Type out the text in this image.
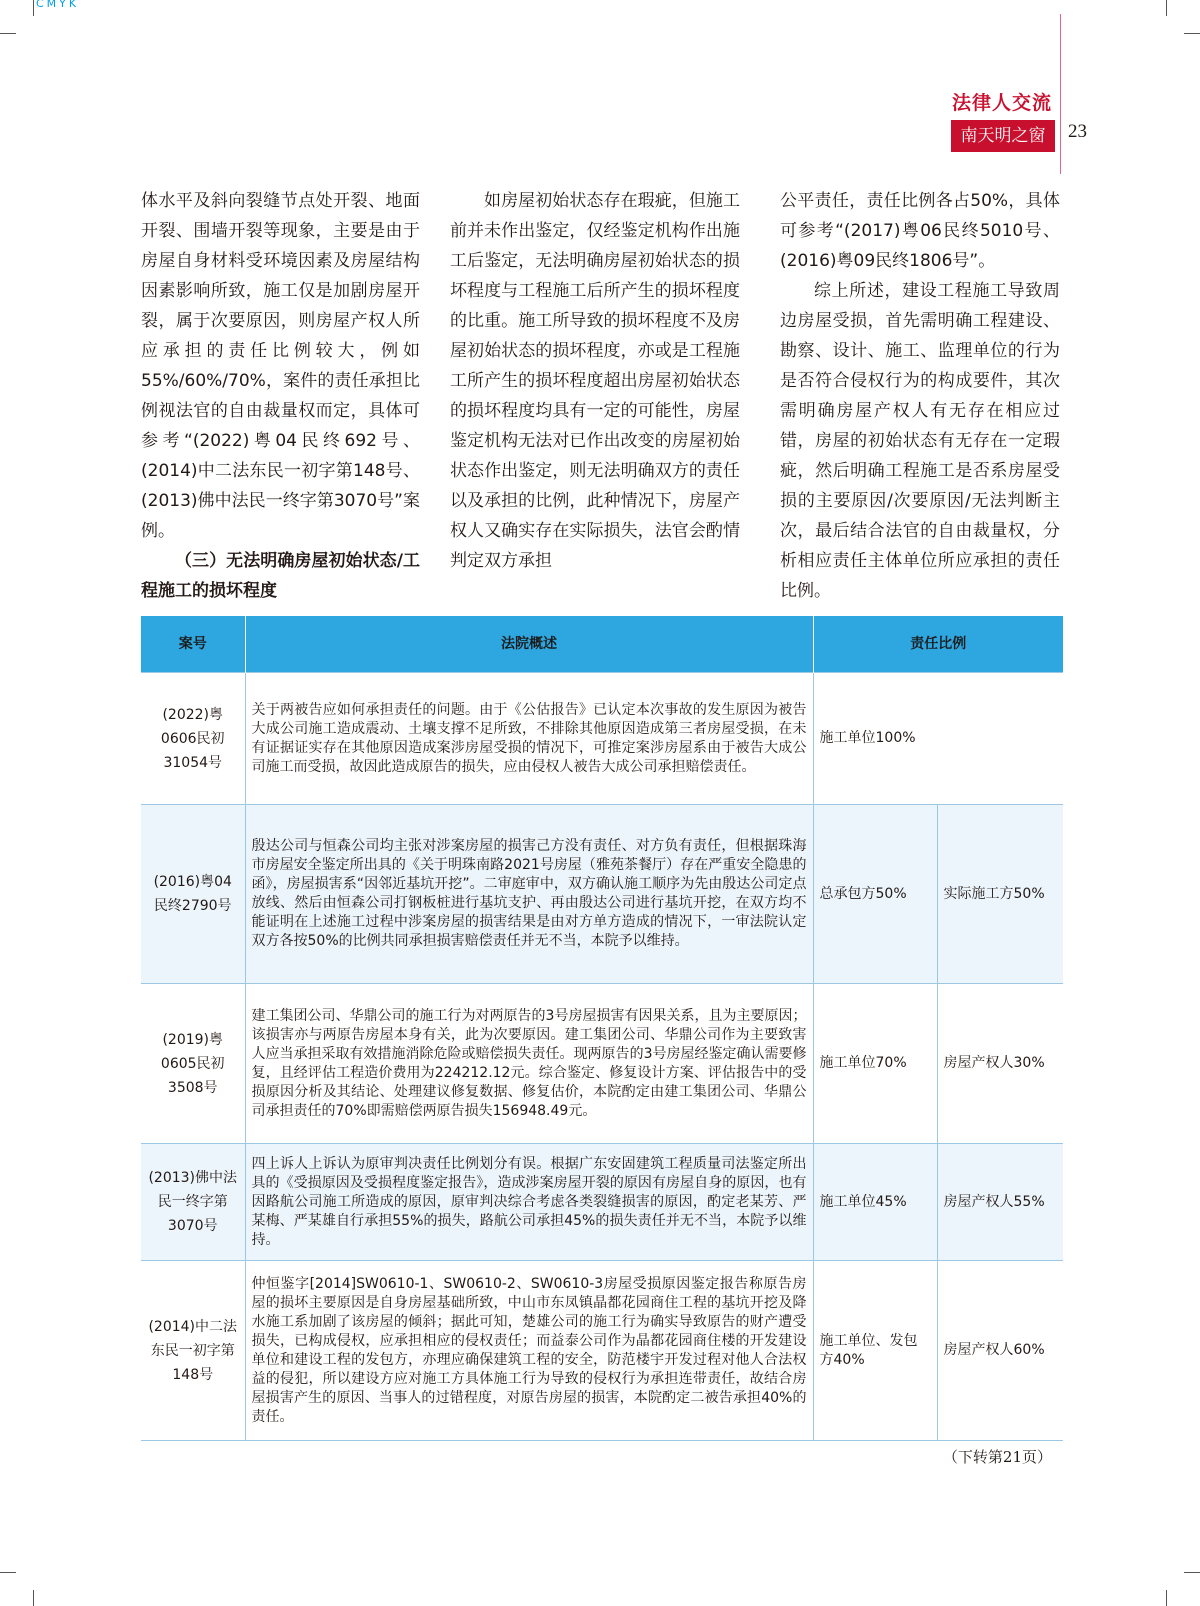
CMYK
法律人交流
南天明之窗	23

体水平及斜向裂缝节点处开裂、地面开裂、围墙开裂等现象，主要是由于房屋自身材料受环境因素及房屋结构因素影响所致，施工仅是加剧房屋开裂，属于次要原因，则房屋产权人所应承担的责任比例较大，例如55%/60%/70%，案件的责任承担比例视法官的自由裁量权而定，具体可参考“(2022)粤04民终692号、(2014)中二法东民一初字第148号、(2013)佛中法民一终字第3070号”案例。

（三）无法明确房屋初始状态/工程施工的损坏程度

如房屋初始状态存在瑕疵，但施工前并未作出鉴定，仅经鉴定机构作出施工后鉴定，无法明确房屋初始状态的损坏程度与工程施工后所产生的损坏程度的比重。施工所导致的损坏程度不及房屋初始状态的损坏程度，亦或是工程施工所产生的损坏程度超出房屋初始状态的损坏程度均具有一定的可能性，房屋鉴定机构无法对已作出改变的房屋初始状态作出鉴定，则无法明确双方的责任以及承担的比例，此种情况下，房屋产权人又确实存在实际损失，法官会酌情判定双方承担

公平责任，责任比例各占50%，具体可参考“(2017)粤06民终5010号、(2016)粤09民终1806号”。

综上所述，建设工程施工导致周边房屋受损，首先需明确工程建设、勘察、设计、施工、监理单位的行为是否符合侵权行为的构成要件，其次需明确房屋产权人有无存在相应过错，房屋的初始状态有无存在一定瑕疵，然后明确工程施工是否系房屋受损的主要原因/次要原因/无法判断主次，最后结合法官的自由裁量权，分析相应责任主体单位所应承担的责任比例。

案号	法院概述	责任比例	
(2022)粤0606民初31054号	关于两被告应如何承担责任的问题。由于《公估报告》已认定本次事故的发生原因为被告大成公司施工造成震动、土壤支撑不足所致，不排除其他原因造成第三者房屋受损，在未有证据证实存在其他原因造成案涉房屋受损的情况下，可推定案涉房屋系由于被告大成公司施工而受损，故因此造成原告的损失，应由侵权人被告大成公司承担赔偿责任。	施工单位100%	
(2016)粤04民终2790号	殷达公司与恒森公司均主张对涉案房屋的损害己方没有责任、对方负有责任，但根据珠海市房屋安全鉴定所出具的《关于明珠南路2021号房屋（雅苑茶餐厅）存在严重安全隐患的函》，房屋损害系“因邻近基坑开挖”。二审庭审中，双方确认施工顺序为先由殷达公司定点放线、然后由恒森公司打钢板桩进行基坑支护、再由殷达公司进行基坑开挖，在双方均不能证明在上述施工过程中涉案房屋的损害结果是由对方单方造成的情况下，一审法院认定双方各按50%的比例共同承担损害赔偿责任并无不当，本院予以维持。	总承包方50%	实际施工方50%
(2019)粤0605民初3508号	建工集团公司、华鼎公司的施工行为对两原告的3号房屋损害有因果关系，且为主要原因；该损害亦与两原告房屋本身有关，此为次要原因。建工集团公司、华鼎公司作为主要致害人应当承担采取有效措施消除危险或赔偿损失责任。现两原告的3号房屋经鉴定确认需要修复，且经评估工程造价费用为224212.12元。综合鉴定、修复设计方案、评估报告中的受损原因分析及其结论、处理建议修复数据、修复估价，本院酌定由建工集团公司、华鼎公司承担责任的70%即需赔偿两原告损失156948.49元。	施工单位70%	房屋产权人30%
(2013)佛中法民一终字第3070号	四上诉人上诉认为原审判决责任比例划分有误。根据广东安固建筑工程质量司法鉴定所出具的《受损原因及受损程度鉴定报告》，造成涉案房屋开裂的原因有房屋自身的原因，也有因路航公司施工所造成的原因，原审判决综合考虑各类裂缝损害的原因，酌定老某芳、严某梅、严某雄自行承担55%的损失，路航公司承担45%的损失责任并无不当，本院予以维持。	施工单位45%	房屋产权人55%
(2014)中二法东民一初字第148号	仲恒鉴字[2014]SW0610-1、SW0610-2、SW0610-3房屋受损原因鉴定报告称原告房屋的损坏主要原因是自身房屋基础所致，中山市东凤镇晶都花园商住工程的基坑开挖及降水施工系加剧了该房屋的倾斜；据此可知，楚雄公司的施工行为确实导致原告的财产遭受损失，已构成侵权，应承担相应的侵权责任；而益泰公司作为晶都花园商住楼的开发建设单位和建设工程的发包方，亦理应确保建筑工程的安全，防范楼宇开发过程对他人合法权益的侵犯，所以建设方应对施工方具体施工行为导致的侵权行为承担连带责任，故结合房屋损害产生的原因、当事人的过错程度，对原告房屋的损害，本院酌定二被告承担40%的责任。	施工单位、发包方40%	房屋产权人60%
（下转第21页）
